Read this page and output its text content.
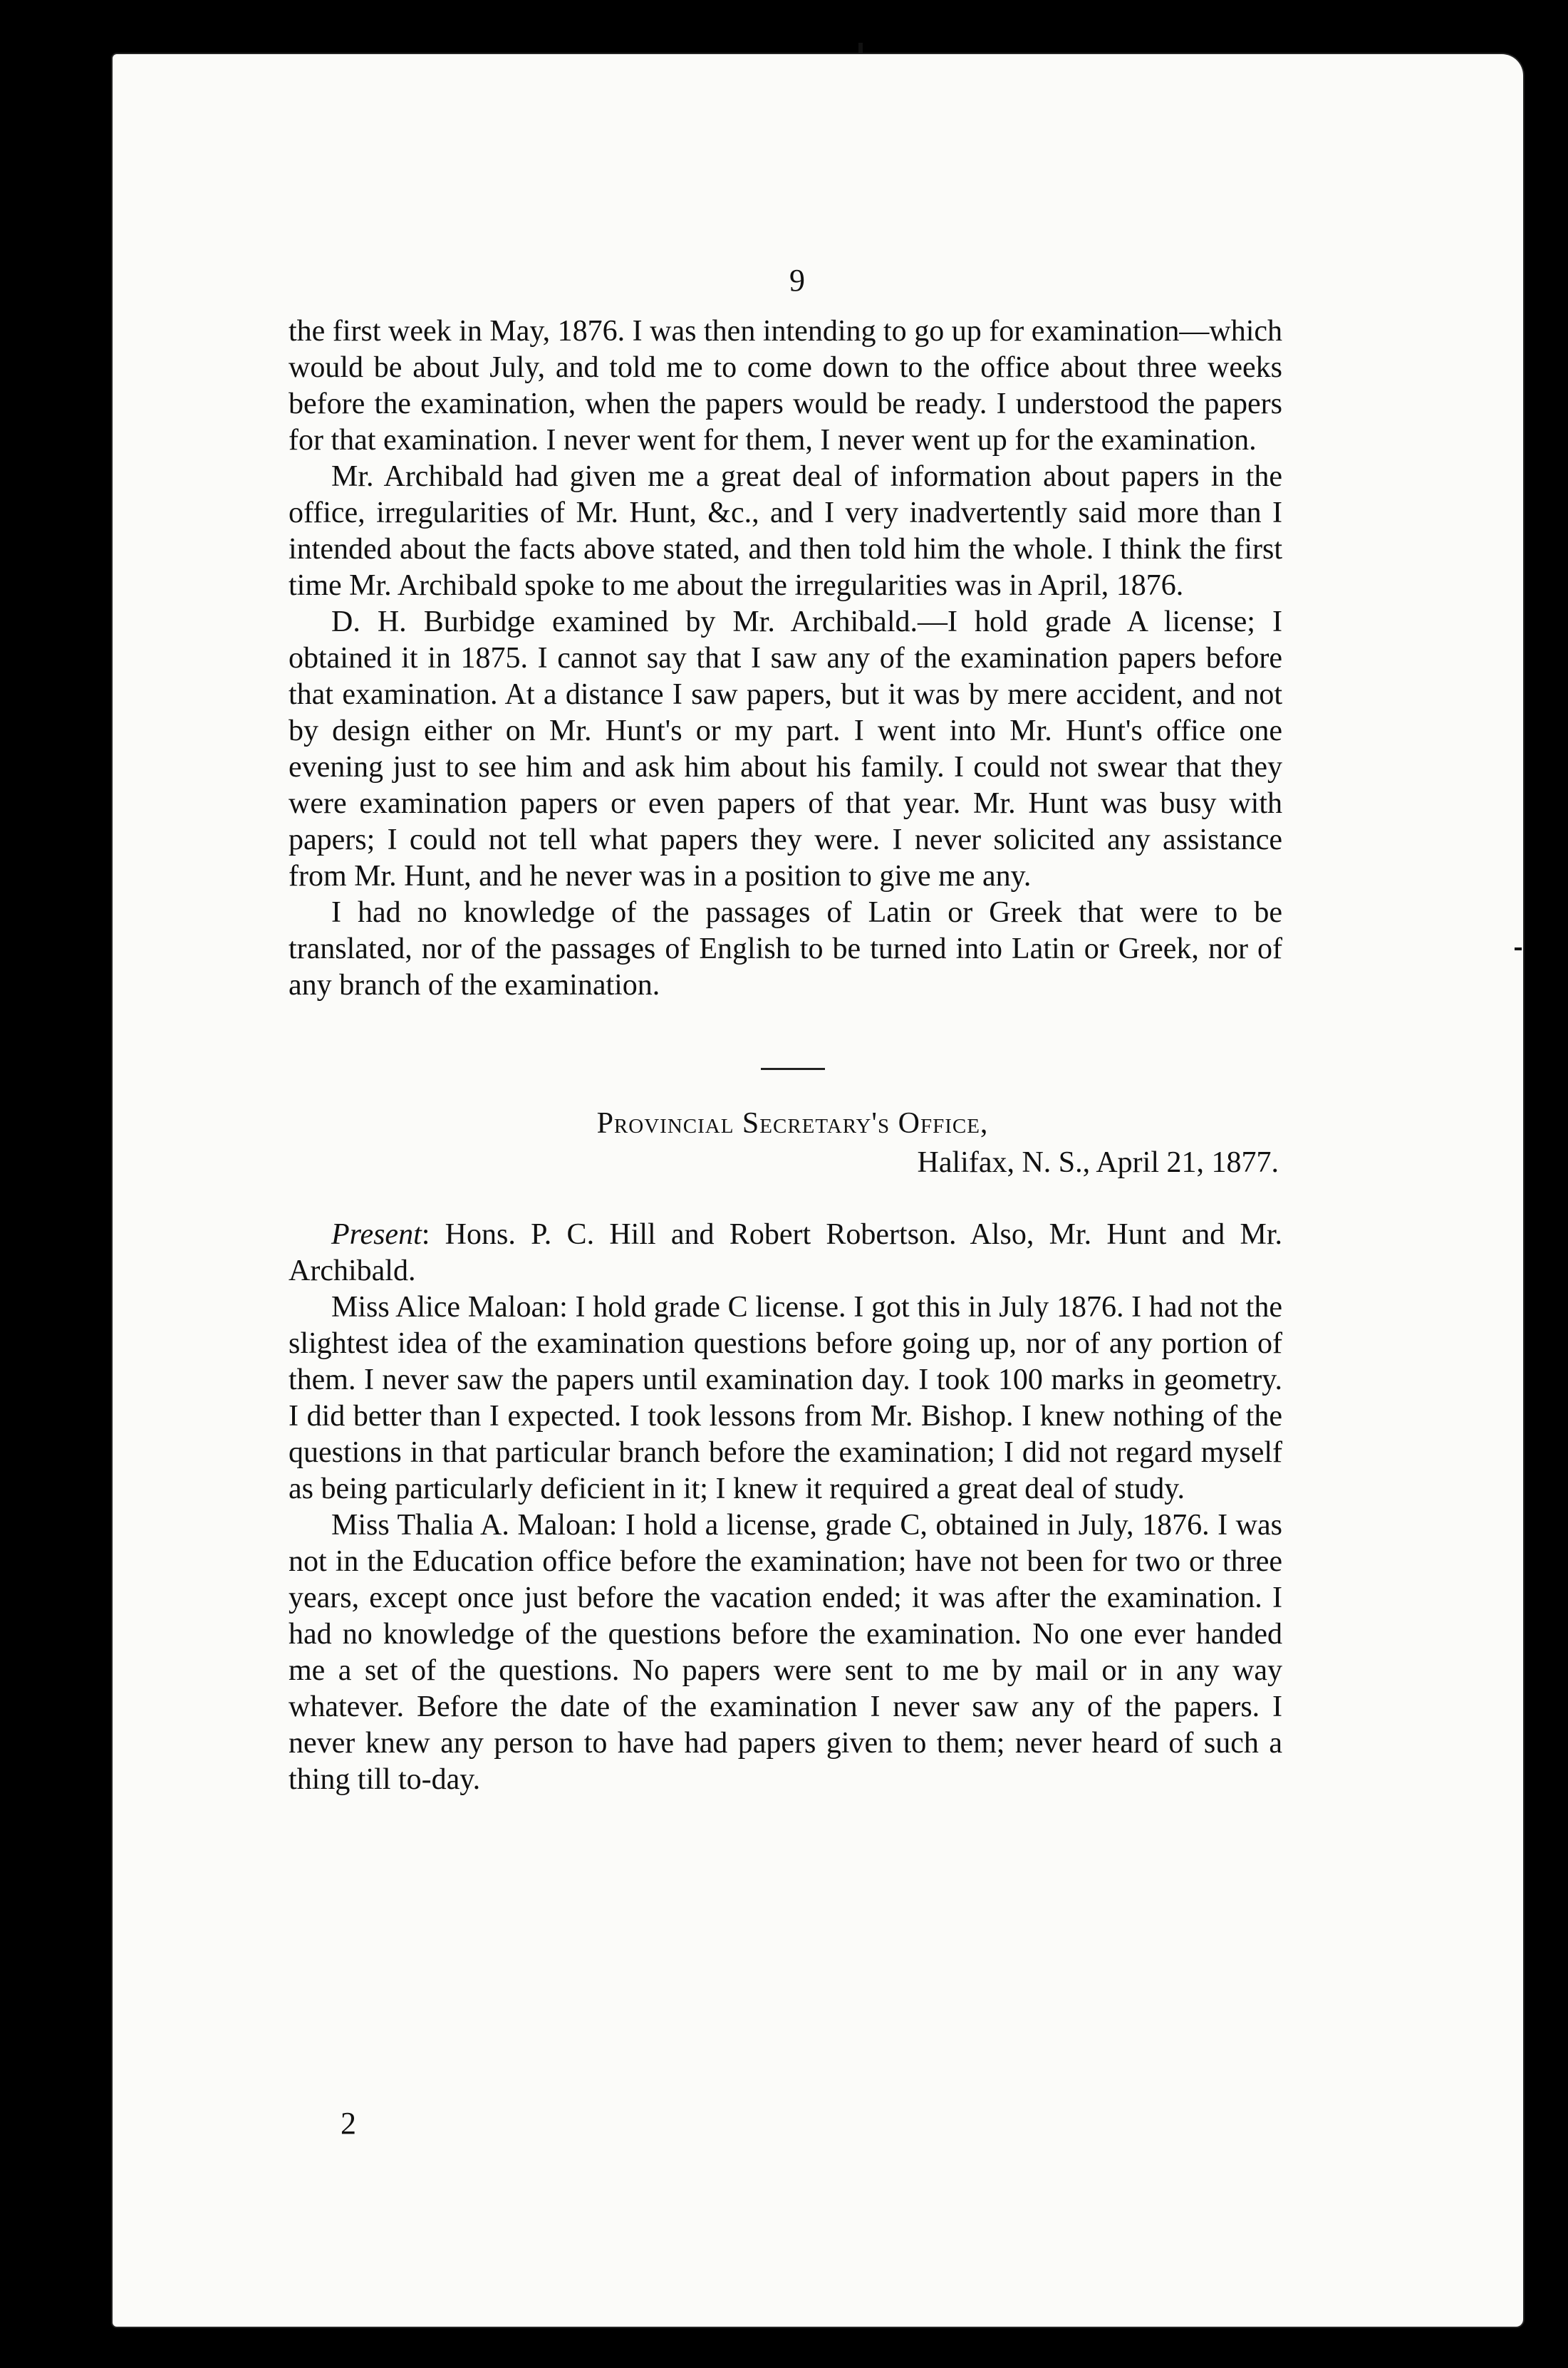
9

the first week in May, 1876. I was then intending to go up for examination—which would be about July, and told me to come down to the office about three weeks before the examination, when the papers would be ready. I understood the papers for that examination. I never went for them, I never went up for the examination.

Mr. Archibald had given me a great deal of information about papers in the office, irregularities of Mr. Hunt, &c., and I very inadvertently said more than I intended about the facts above stated, and then told him the whole. I think the first time Mr. Archibald spoke to me about the irregularities was in April, 1876.

D. H. Burbidge examined by Mr. Archibald.—I hold grade A license; I obtained it in 1875. I cannot say that I saw any of the examination papers before that examination. At a distance I saw papers, but it was by mere accident, and not by design either on Mr. Hunt's or my part. I went into Mr. Hunt's office one evening just to see him and ask him about his family. I could not swear that they were examination papers or even papers of that year. Mr. Hunt was busy with papers; I could not tell what papers they were. I never solicited any assistance from Mr. Hunt, and he never was in a position to give me any.

I had no knowledge of the passages of Latin or Greek that were to be translated, nor of the passages of English to be turned into Latin or Greek, nor of any branch of the examination.

Provincial Secretary's Office,

Halifax, N. S., April 21, 1877.

Present: Hons. P. C. Hill and Robert Robertson. Also, Mr. Hunt and Mr. Archibald.

Miss Alice Maloan: I hold grade C license. I got this in July 1876. I had not the slightest idea of the examination questions before going up, nor of any portion of them. I never saw the papers until examination day. I took 100 marks in geometry. I did better than I expected. I took lessons from Mr. Bishop. I knew nothing of the questions in that particular branch before the examination; I did not regard myself as being particularly deficient in it; I knew it required a great deal of study.

Miss Thalia A. Maloan: I hold a license, grade C, obtained in July, 1876. I was not in the Education office before the examination; have not been for two or three years, except once just before the vacation ended; it was after the examination. I had no knowledge of the questions before the examination. No one ever handed me a set of the questions. No papers were sent to me by mail or in any way whatever. Before the date of the examination I never saw any of the papers. I never knew any person to have had papers given to them; never heard of such a thing till to-day.

2
